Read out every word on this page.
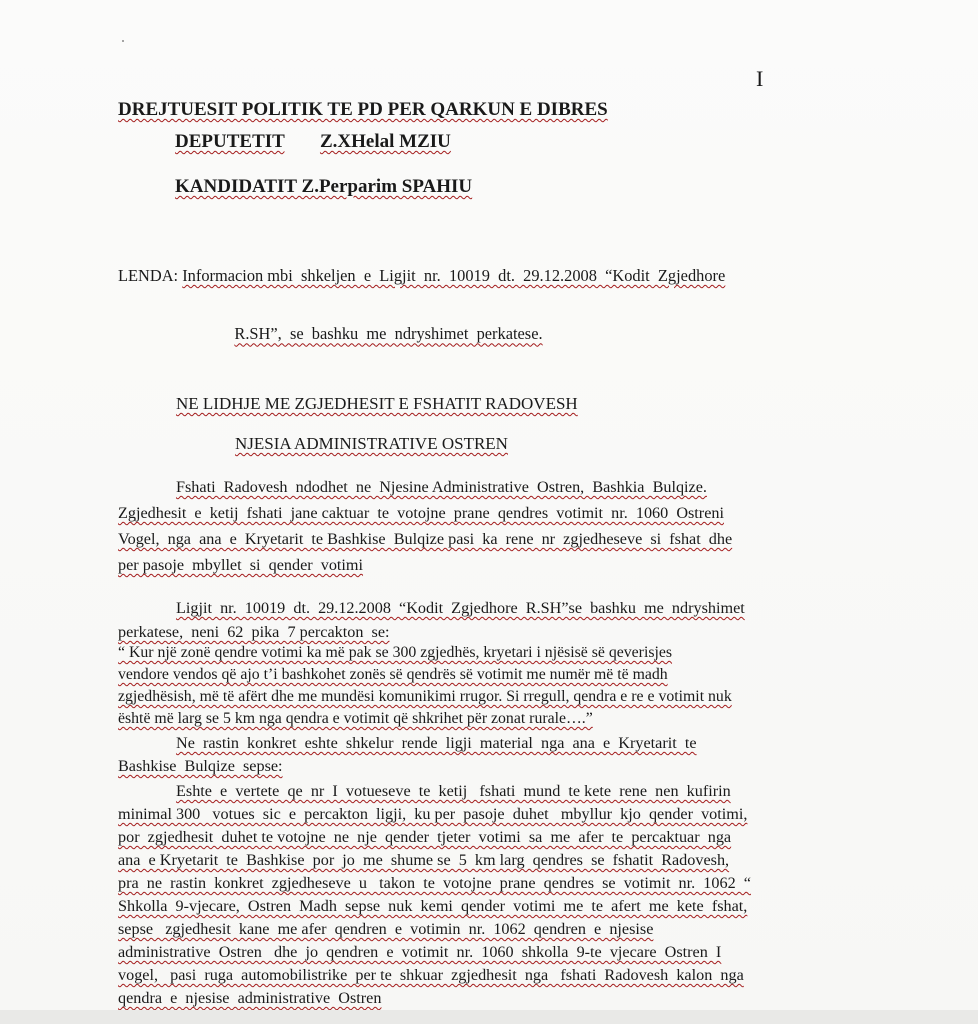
I
DREJTUESIT POLITIK TE PD PER QARKUN E DIBRES
DEPUTETIT Z.XHelal MZIU
KANDIDATIT Z.Perparim SPAHIU
LENDA: Informacion mbi  shkeljen  e  Ligjit  nr.  10019  dt.  29.12.2008  “Kodit  Zgjedhore

R.SH”,  se  bashku  me  ndryshimet  perkatese.

NE LIDHJE ME ZGJEDHESIT E FSHATIT RADOVESH
NJESIA ADMINISTRATIVE OSTREN
Fshati  Radovesh  ndodhet  ne  Njesine Administrative  Ostren,  Bashkia  Bulqize.
Zgjedhesit  e  ketij  fshati  jane caktuar  te  votojne  prane  qendres  votimit  nr.  1060  Ostreni
Vogel,  nga  ana  e  Kryetarit  te Bashkise  Bulqize pasi  ka  rene  nr  zgjedheseve  si  fshat  dhe
per pasoje  mbyllet  si  qender  votimi
Ligjit  nr.  10019  dt.  29.12.2008  “Kodit  Zgjedhore  R.SH”se  bashku  me  ndryshimet
perkatese,  neni  62  pika  7 percakton  se:
“ Kur një zonë qendre votimi ka më pak se 300 zgjedhës, kryetari i njësisë së qeverisjes
vendore vendos që ajo t’i bashkohet zonës së qendrës së votimit me numër më të madh
zgjedhësish, më të afërt dhe me mundësi komunikimi rrugor. Si rregull, qendra e re e votimit nuk
është më larg se 5 km nga qendra e votimit që shkrihet për zonat rurale….”
Ne  rastin  konkret  eshte  shkelur  rende  ligji  material  nga  ana  e  Kryetarit  te
Bashkise  Bulqize  sepse:
Eshte  e  vertete  qe  nr  I  votueseve  te  ketij   fshati  mund  te kete  rene  nen  kufirin
minimal 300   votues  sic  e  percakton  ligji,  ku per  pasoje  duhet   mbyllur  kjo  qender  votimi,
por  zgjedhesit  duhet te votojne  ne  nje  qender  tjeter  votimi  sa  me  afer  te  percaktuar  nga
ana  e Kryetarit  te  Bashkise  por  jo  me  shume se  5  km larg  qendres  se  fshatit  Radovesh,
pra  ne  rastin  konkret  zgjedheseve  u   takon  te  votojne  prane  qendres  se  votimit  nr.  1062  “
Shkolla  9-vjecare,  Ostren  Madh  sepse  nuk  kemi  qender  votimi  me  te  afert  me  kete  fshat,
sepse   zgjedhesit  kane  me afer  qendren  e  votimin  nr.  1062  qendren  e  njesise
administrative  Ostren   dhe  jo  qendren  e  votimit  nr.  1060  shkolla  9-te  vjecare  Ostren  I
vogel,   pasi  ruga  automobilistrike  per te  shkuar  zgjedhesit  nga   fshati  Radovesh  kalon  nga
qendra  e  njesise  administrative  Ostren
